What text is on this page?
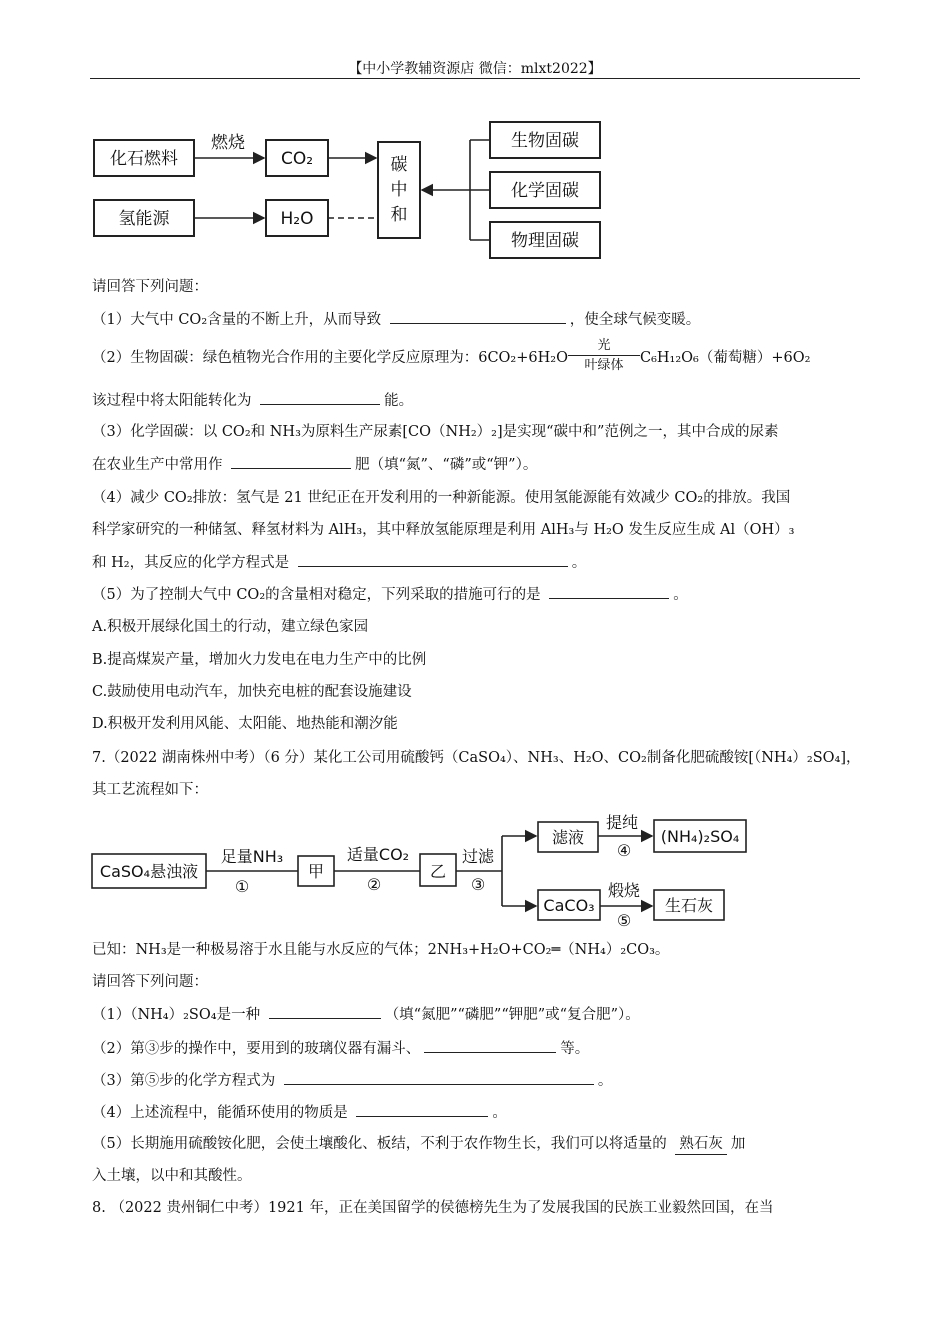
【中小学教辅资源店 微信：mlxt2022】
化石燃料
燃烧
CO₂
氢能源	H₂O
碳
中
和
生物固碳
化学固碳
物理固碳
请回答下列问题：
（1）大气中 CO₂含量的不断上升，从而导致	，使全球气候变暖。
（2）生物固碳：绿色植物光合作用的主要化学反应原理为：$6CO_2+6H_2O \frac{\text{光}}{\text{叶绿体}} C_6H_{12}O_6$（葡萄糖）+6O₂
该过程中将太阳能转化为	能。
（3）化学固碳：以 CO₂和 NH₃为原料生产尿素[CO（NH₂）₂]是实现“碳中和”范例之一，其中合成的尿素
在农业生产中常用作	肥（填“氮”、“磷”或“钾”）。
（4）减少 CO₂排放：氢气是 21 世纪正在开发利用的一种新能源。使用氢能源能有效减少 CO₂的排放。我国
科学家研究的一种储氢、释氢材料为 AlH₃，其中释放氢能原理是利用 AlH₃与 H₂O 发生反应生成 Al（OH）₃
和 H₂，其反应的化学方程式是	。
（5）为了控制大气中 CO₂的含量相对稳定，下列采取的措施可行的是	。
A.积极开展绿化国土的行动，建立绿色家园
B.提高煤炭产量，增加火力发电在电力生产中的比例
C.鼓励使用电动汽车，加快充电桩的配套设施建设
D.积极开发利用风能、太阳能、地热能和潮汐能
7.（2022 湖南株州中考）（6 分）某化工公司用硫酸钙（CaSO₄）、NH₃、H₂O、CO₂制备化肥硫酸铵[（NH₄）₂SO₄]，
其工艺流程如下：
CaSO₄悬浊液
足量NH₃
①
甲
适量CO₂
②
乙
过滤
③
滤液
提纯
④
(NH₄)₂SO₄
CaCO₃
煅烧
⑤
生石灰
已知：NH₃是一种极易溶于水且能与水反应的气体；2NH₃+H₂O+CO₂═（NH₄）₂CO₃。
请回答下列问题：
（1）（NH₄）₂SO₄是一种	（填“氮肥”“磷肥”“钾肥”或“复合肥”）。
（2）第③步的操作中，要用到的玻璃仪器有漏斗、	等。
（3）第⑤步的化学方程式为	。
（4）上述流程中，能循环使用的物质是	。
（5）长期施用硫酸铵化肥，会使土壤酸化、板结，不利于农作物生长，我们可以将适量的 熟石灰 加
入土壤，以中和其酸性。
8. （2022 贵州铜仁中考）1921 年，正在美国留学的侯德榜先生为了发展我国的民族工业毅然回国，在当
